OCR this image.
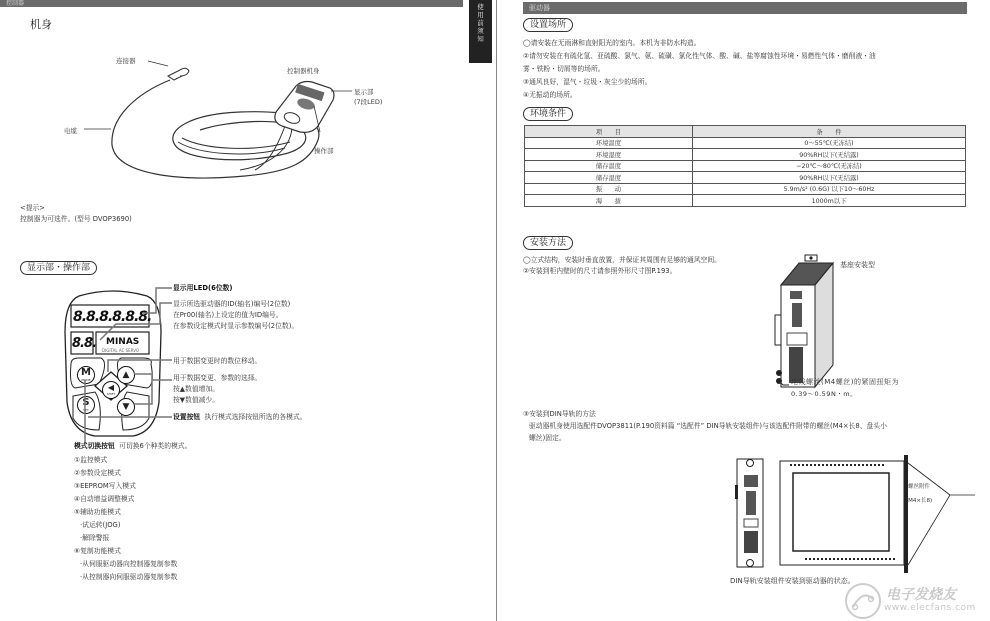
控制器
机身
连接器
控制器机身
显示部
(7段LED)
电缆
操作部
<提示>
控制器为可选件。(型号 DVOP3690)
显示部・操作部
8.8.8.8.8.8.
8.8. MINAS
DIGITAL AC SERVO
M
MODE	▲
◀
SHIFT
S
SET	▼
显示用LED(6位数)
显示所选驱动器的ID(轴名)编号(2位数)
在Pr00(轴名)上设定的值为ID编号。
在参数设定模式时显示参数编号(2位数)。
用于数据变更时的数位移动。
用于数据变更、参数的选择。
按▲数值增加。
按▼数值减少。
设置按钮 执行模式选择按钮所选的各模式。
模式切换按钮 可切换6个种类的模式。
①监控模式
②参数设定模式
③EEPROM写入模式
④自动增益调整模式
⑤辅助功能模式
·试运转(JOG)
·解除警报
⑥复制功能模式
·从伺服驱动器向控制器复制参数
·从控制器向伺服驱动器复制参数
使
用
前
须
知
驱动器
设置场所
◯请安装在无雨淋和直射阳光的室内。本机为非防水构造。
②请勿安装在有硫化氢、亚硫酸、氯气、氨、硫磺、氯化性气体、酸、碱、盐等腐蚀性环境・易燃性气体・磨削液・油
雾・铁粉・切屑等的场所。
③通风良好，湿气・垃圾・灰尘少的场所。
④无振动的场所。
环境条件
项　　目	条　　件
环境温度	0～55℃(无冻结)
环境湿度	90%RH以下(无结露)
储存温度	−20℃～80℃(无冻结)
储存湿度	90%RH以下(无结露)
振　　动	5.9m/s² (0.6G) 以下10～60Hz
海　　拔	1000m以下
安装方法
◯立式结构，安装时垂直放置，并保证其周围有足够的通风空间。
②安装到柜内壁时的尺寸请参照外形尺寸图P.193。
基座安装型
地线螺丝(M4螺丝)的紧固扭矩为
0.39～0.59N・m。
③安装到DIN导轨的方法
驱动器机身使用选配件DVOP3811(P.190资料篇 “选配件” DIN导轨安装组件)与该选配件附带的螺丝(M4×长8、盘头小
螺丝)固定。
螺丝附件
(M4×长8)
DIN导轨安装组件安装到驱动器的状态。
电子发烧友
www.elecfans.com
